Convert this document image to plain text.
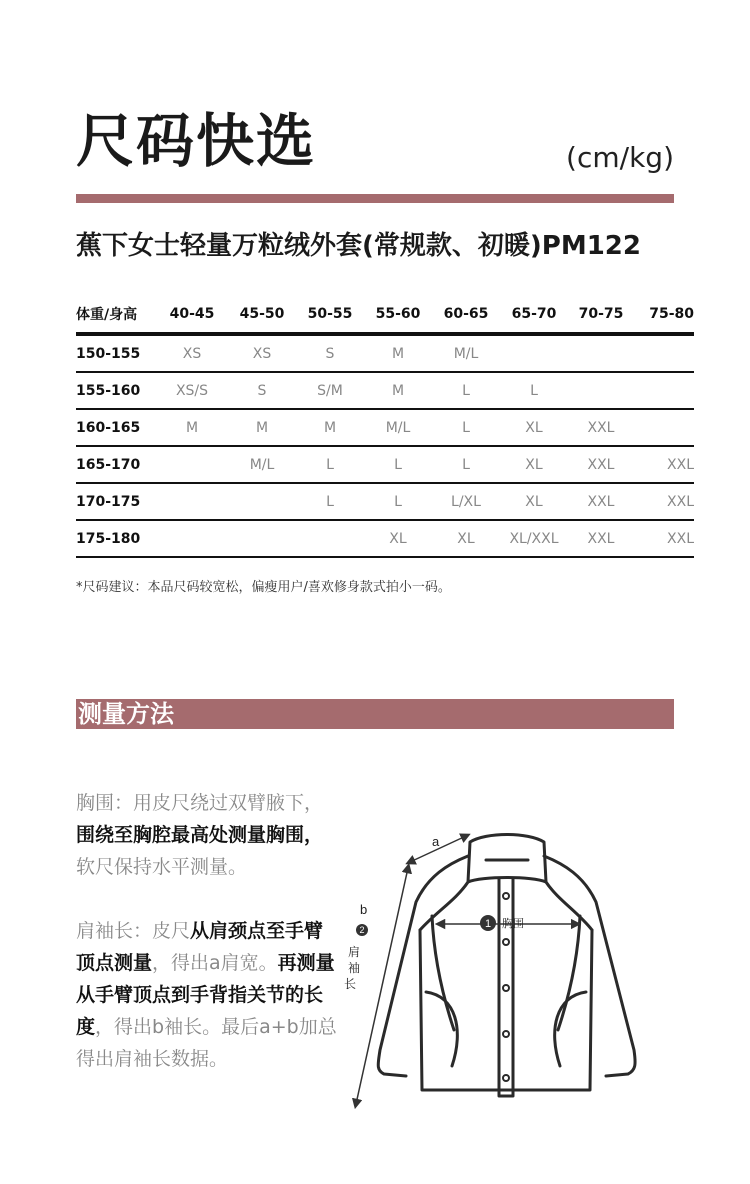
尺码快选	(cm/kg)
蕉下女士轻量万粒绒外套(常规款、初暖)PM122
体重/身高	40-45	45-50	50-55	55-60	60-65	65-70	70-75	75-80
150-155	XS	XS	S	M	M/L			
155-160	XS/S	S	S/M	M	L	L		
160-165	M	M	M	M/L	L	XL	XXL	
165-170		M/L	L	L	L	XL	XXL	XXL
170-175			L	L	L/XL	XL	XXL	XXL
175-180				XL	XL	XL/XXL	XXL	XXL
*尺码建议：本品尺码较宽松，偏瘦用户/喜欢修身款式拍小一码。
测量方法
胸围：用皮尺绕过双臂腋下，围绕至胸腔最高处测量胸围，软尺保持水平测量。
肩袖长：皮尺从肩颈点至手臂顶点测量，得出a肩宽。再测量从手臂顶点到手背指关节的长度，得出b袖长。最后a+b加总得出肩袖长数据。
1 胸围
a
b
2
肩
袖
长
